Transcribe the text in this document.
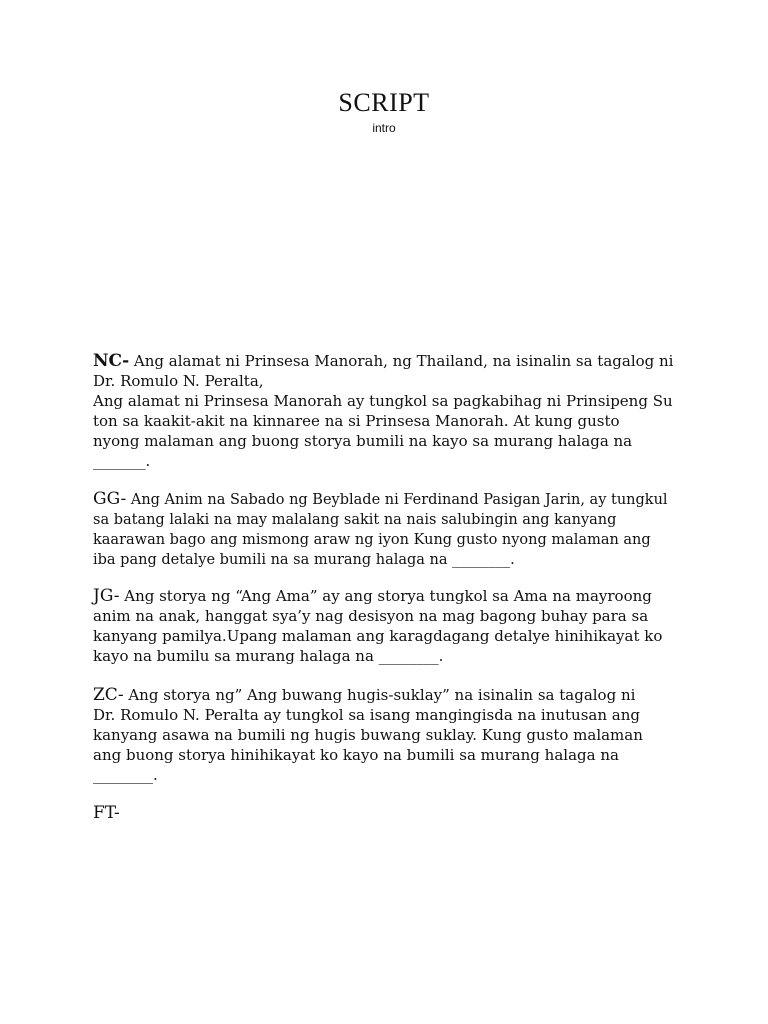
SCRIPT
intro

NC- Ang alamat ni Prinsesa Manorah, ng Thailand, na isinalin sa tagalog ni
Dr. Romulo N. Peralta,
Ang alamat ni Prinsesa Manorah ay tungkol sa pagkabihag ni Prinsipeng Su
ton sa kaakit-akit na kinnaree na si Prinsesa Manorah. At kung gusto
nyong malaman ang buong storya bumili na kayo sa murang halaga na
_______.

GG- Ang Anim na Sabado ng Beyblade ni Ferdinand Pasigan Jarin, ay tungkul
sa batang lalaki na may malalang sakit na nais salubingin ang kanyang
kaarawan bago ang mismong araw ng iyon Kung gusto nyong malaman ang
iba pang detalye bumili na sa murang halaga na ________.

JG- Ang storya ng “Ang Ama” ay ang storya tungkol sa Ama na mayroong
anim na anak, hanggat sya’y nag desisyon na mag bagong buhay para sa
kanyang pamilya.Upang malaman ang karagdagang detalye hinihikayat ko
kayo na bumilu sa murang halaga na ________.

ZC- Ang storya ng” Ang buwang hugis-suklay” na isinalin sa tagalog ni
Dr. Romulo N. Peralta ay tungkol sa isang mangingisda na inutusan ang
kanyang asawa na bumili ng hugis buwang suklay. Kung gusto malaman
ang buong storya hinihikayat ko kayo na bumili sa murang halaga na
________.

FT-
